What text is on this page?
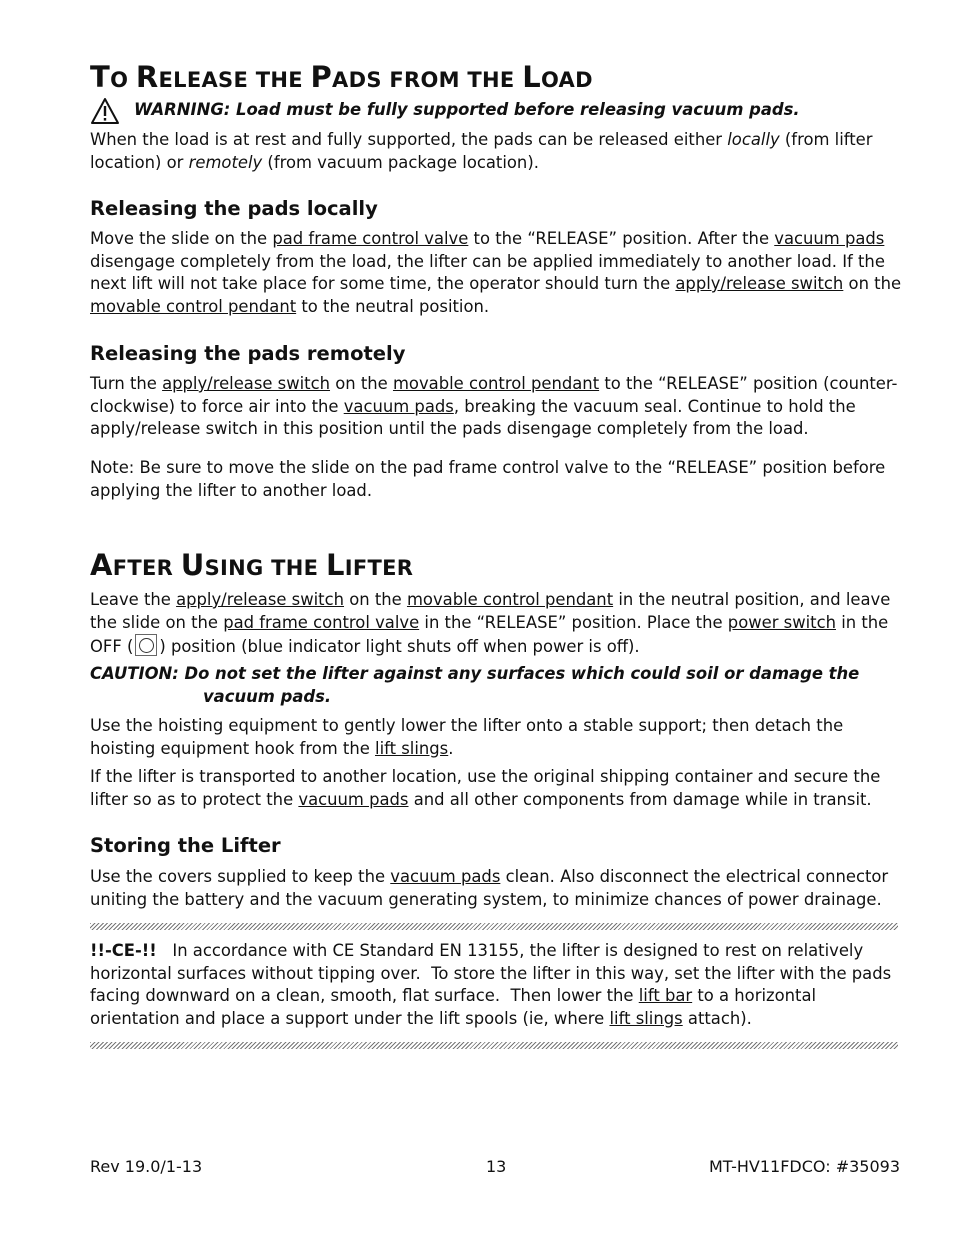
TO RELEASE THE PADS FROM THE LOAD
WARNING: Load must be fully supported before releasing vacuum pads.
When the load is at rest and fully supported, the pads can be released either locally (from lifter location) or remotely (from vacuum package location).
Releasing the pads locally
Move the slide on the pad frame control valve to the “RELEASE” position. After the vacuum pads disengage completely from the load, the lifter can be applied immediately to another load. If the next lift will not take place for some time, the operator should turn the apply/release switch on the movable control pendant to the neutral position.
Releasing the pads remotely
Turn the apply/release switch on the movable control pendant to the “RELEASE” position (counter-clockwise) to force air into the vacuum pads, breaking the vacuum seal. Continue to hold the apply/release switch in this position until the pads disengage completely from the load.
Note: Be sure to move the slide on the pad frame control valve to the “RELEASE” position before applying the lifter to another load.
AFTER USING THE LIFTER
Leave the apply/release switch on the movable control pendant in the neutral position, and leave the slide on the pad frame control valve in the “RELEASE” position. Place the power switch in the OFF ( ) position (blue indicator light shuts off when power is off).
CAUTION: Do not set the lifter against any surfaces which could soil or damage the
vacuum pads.
Use the hoisting equipment to gently lower the lifter onto a stable support; then detach the hoisting equipment hook from the lift slings.
If the lifter is transported to another location, use the original shipping container and secure the lifter so as to protect the vacuum pads and all other components from damage while in transit.
Storing the Lifter
Use the covers supplied to keep the vacuum pads clean. Also disconnect the electrical connector uniting the battery and the vacuum generating system, to minimize chances of power drainage.
!!-CE-!!   In accordance with CE Standard EN 13155, the lifter is designed to rest on relatively horizontal surfaces without tipping over.  To store the lifter in this way, set the lifter with the pads facing downward on a clean, smooth, flat surface.  Then lower the lift bar to a horizontal orientation and place a support under the lift spools (ie, where lift slings attach).
Rev 19.0/1-13	13	MT-HV11FDCO: #35093
